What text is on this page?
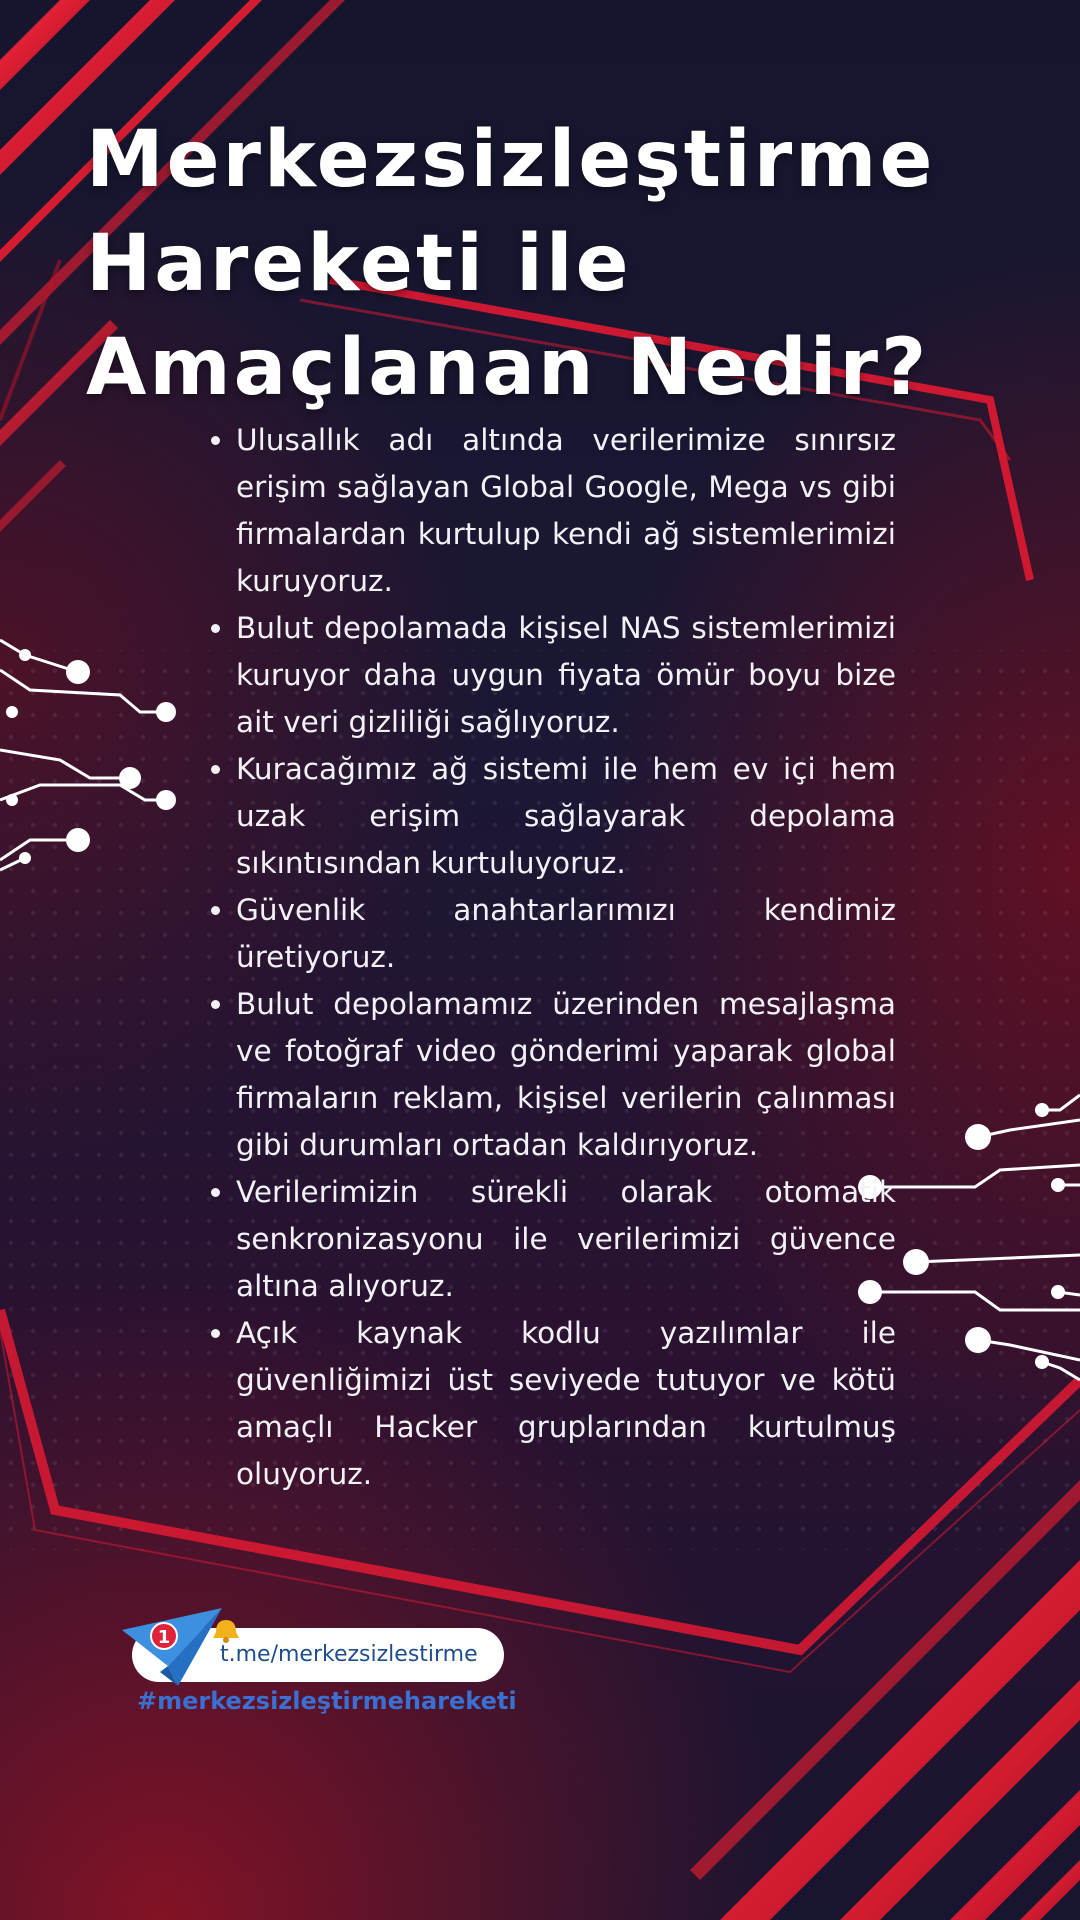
Merkezsizleştirme
Hareketi ile
Amaçlanan Nedir?
• Ulusallık adı altında verilerimize sınırsız erişim sağlayan Global Google, Mega vs gibi firmalardan kurtulup kendi ağ sistemlerimizi kuruyoruz.
• Bulut depolamada kişisel NAS sistemlerimizi kuruyor daha uygun fiyata ömür boyu bize ait veri gizliliği sağlıyoruz.
• Kuracağımız ağ sistemi ile hem ev içi hem uzak erişim sağlayarak depolama sıkıntısından kurtuluyoruz.
• Güvenlik anahtarlarımızı kendimiz üretiyoruz.
• Bulut depolamamız üzerinden mesajlaşma ve fotoğraf video gönderimi yaparak global firmaların reklam, kişisel verilerin çalınması gibi durumları ortadan kaldırıyoruz.
• Verilerimizin sürekli olarak otomatik senkronizasyonu ile verilerimizi güvence altına alıyoruz.
• Açık kaynak kodlu yazılımlar ile güvenliğimizi üst seviyede tutuyor ve kötü amaçlı Hacker gruplarından kurtulmuş oluyoruz.
1
t.me/merkezsizlestirme
#merkezsizleştirmehareketi
